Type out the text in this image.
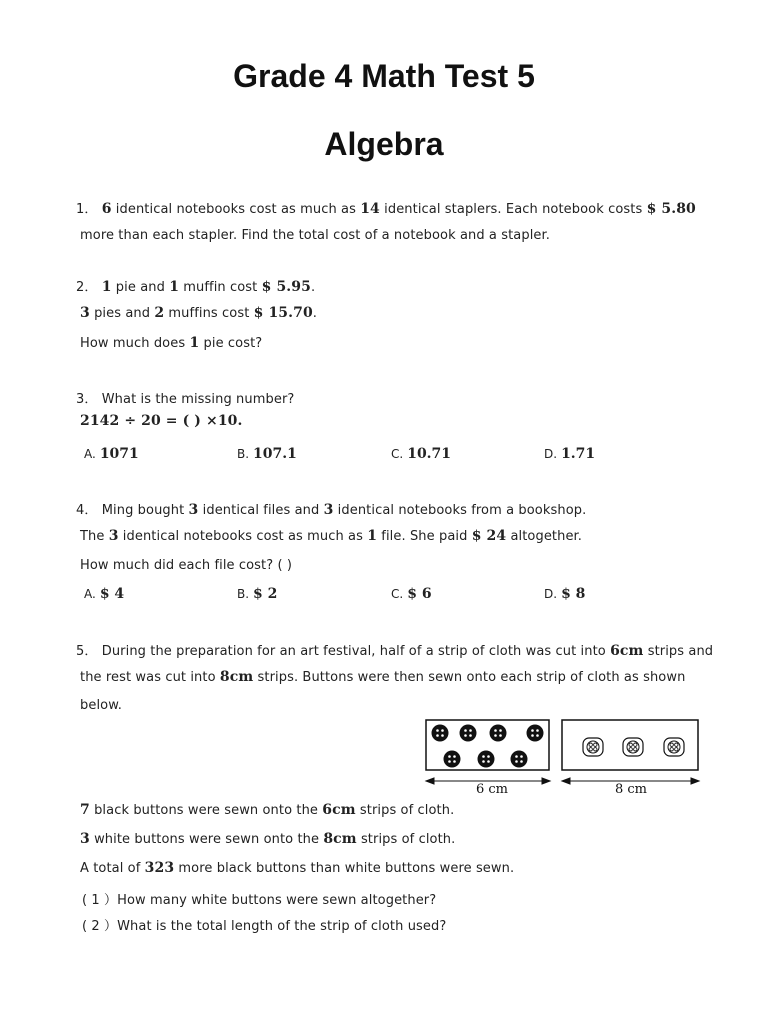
Grade 4 Math Test 5
Algebra
1． 6 identical notebooks cost as much as 14 identical staplers. Each notebook costs $ 5.80
more than each stapler. Find the total cost of a notebook and a stapler.
2． 1 pie and 1 muffin cost $ 5.95.
3 pies and 2 muffins cost $ 15.70.
How much does 1 pie cost?
3． What is the missing number?
2142 ÷ 20 = ( ) ×10.
A. 1071	B. 107.1	C. 10.71	D. 1.71
4． Ming bought 3 identical files and 3 identical notebooks from a bookshop.
The 3 identical notebooks cost as much as 1 file. She paid $ 24 altogether.
How much did each file cost? ( )
A. $ 4	B. $ 2	C. $ 6	D. $ 8
5． During the preparation for an art festival, half of a strip of cloth was cut into 6cm strips and
the rest was cut into 8cm strips. Buttons were then sewn onto each strip of cloth as shown
below.
6 cm	8 cm
7 black buttons were sewn onto the 6cm strips of cloth.
3 white buttons were sewn onto the 8cm strips of cloth.
A total of 323 more black buttons than white buttons were sewn.
( 1 ）How many white buttons were sewn altogether?
( 2 ）What is the total length of the strip of cloth used?
